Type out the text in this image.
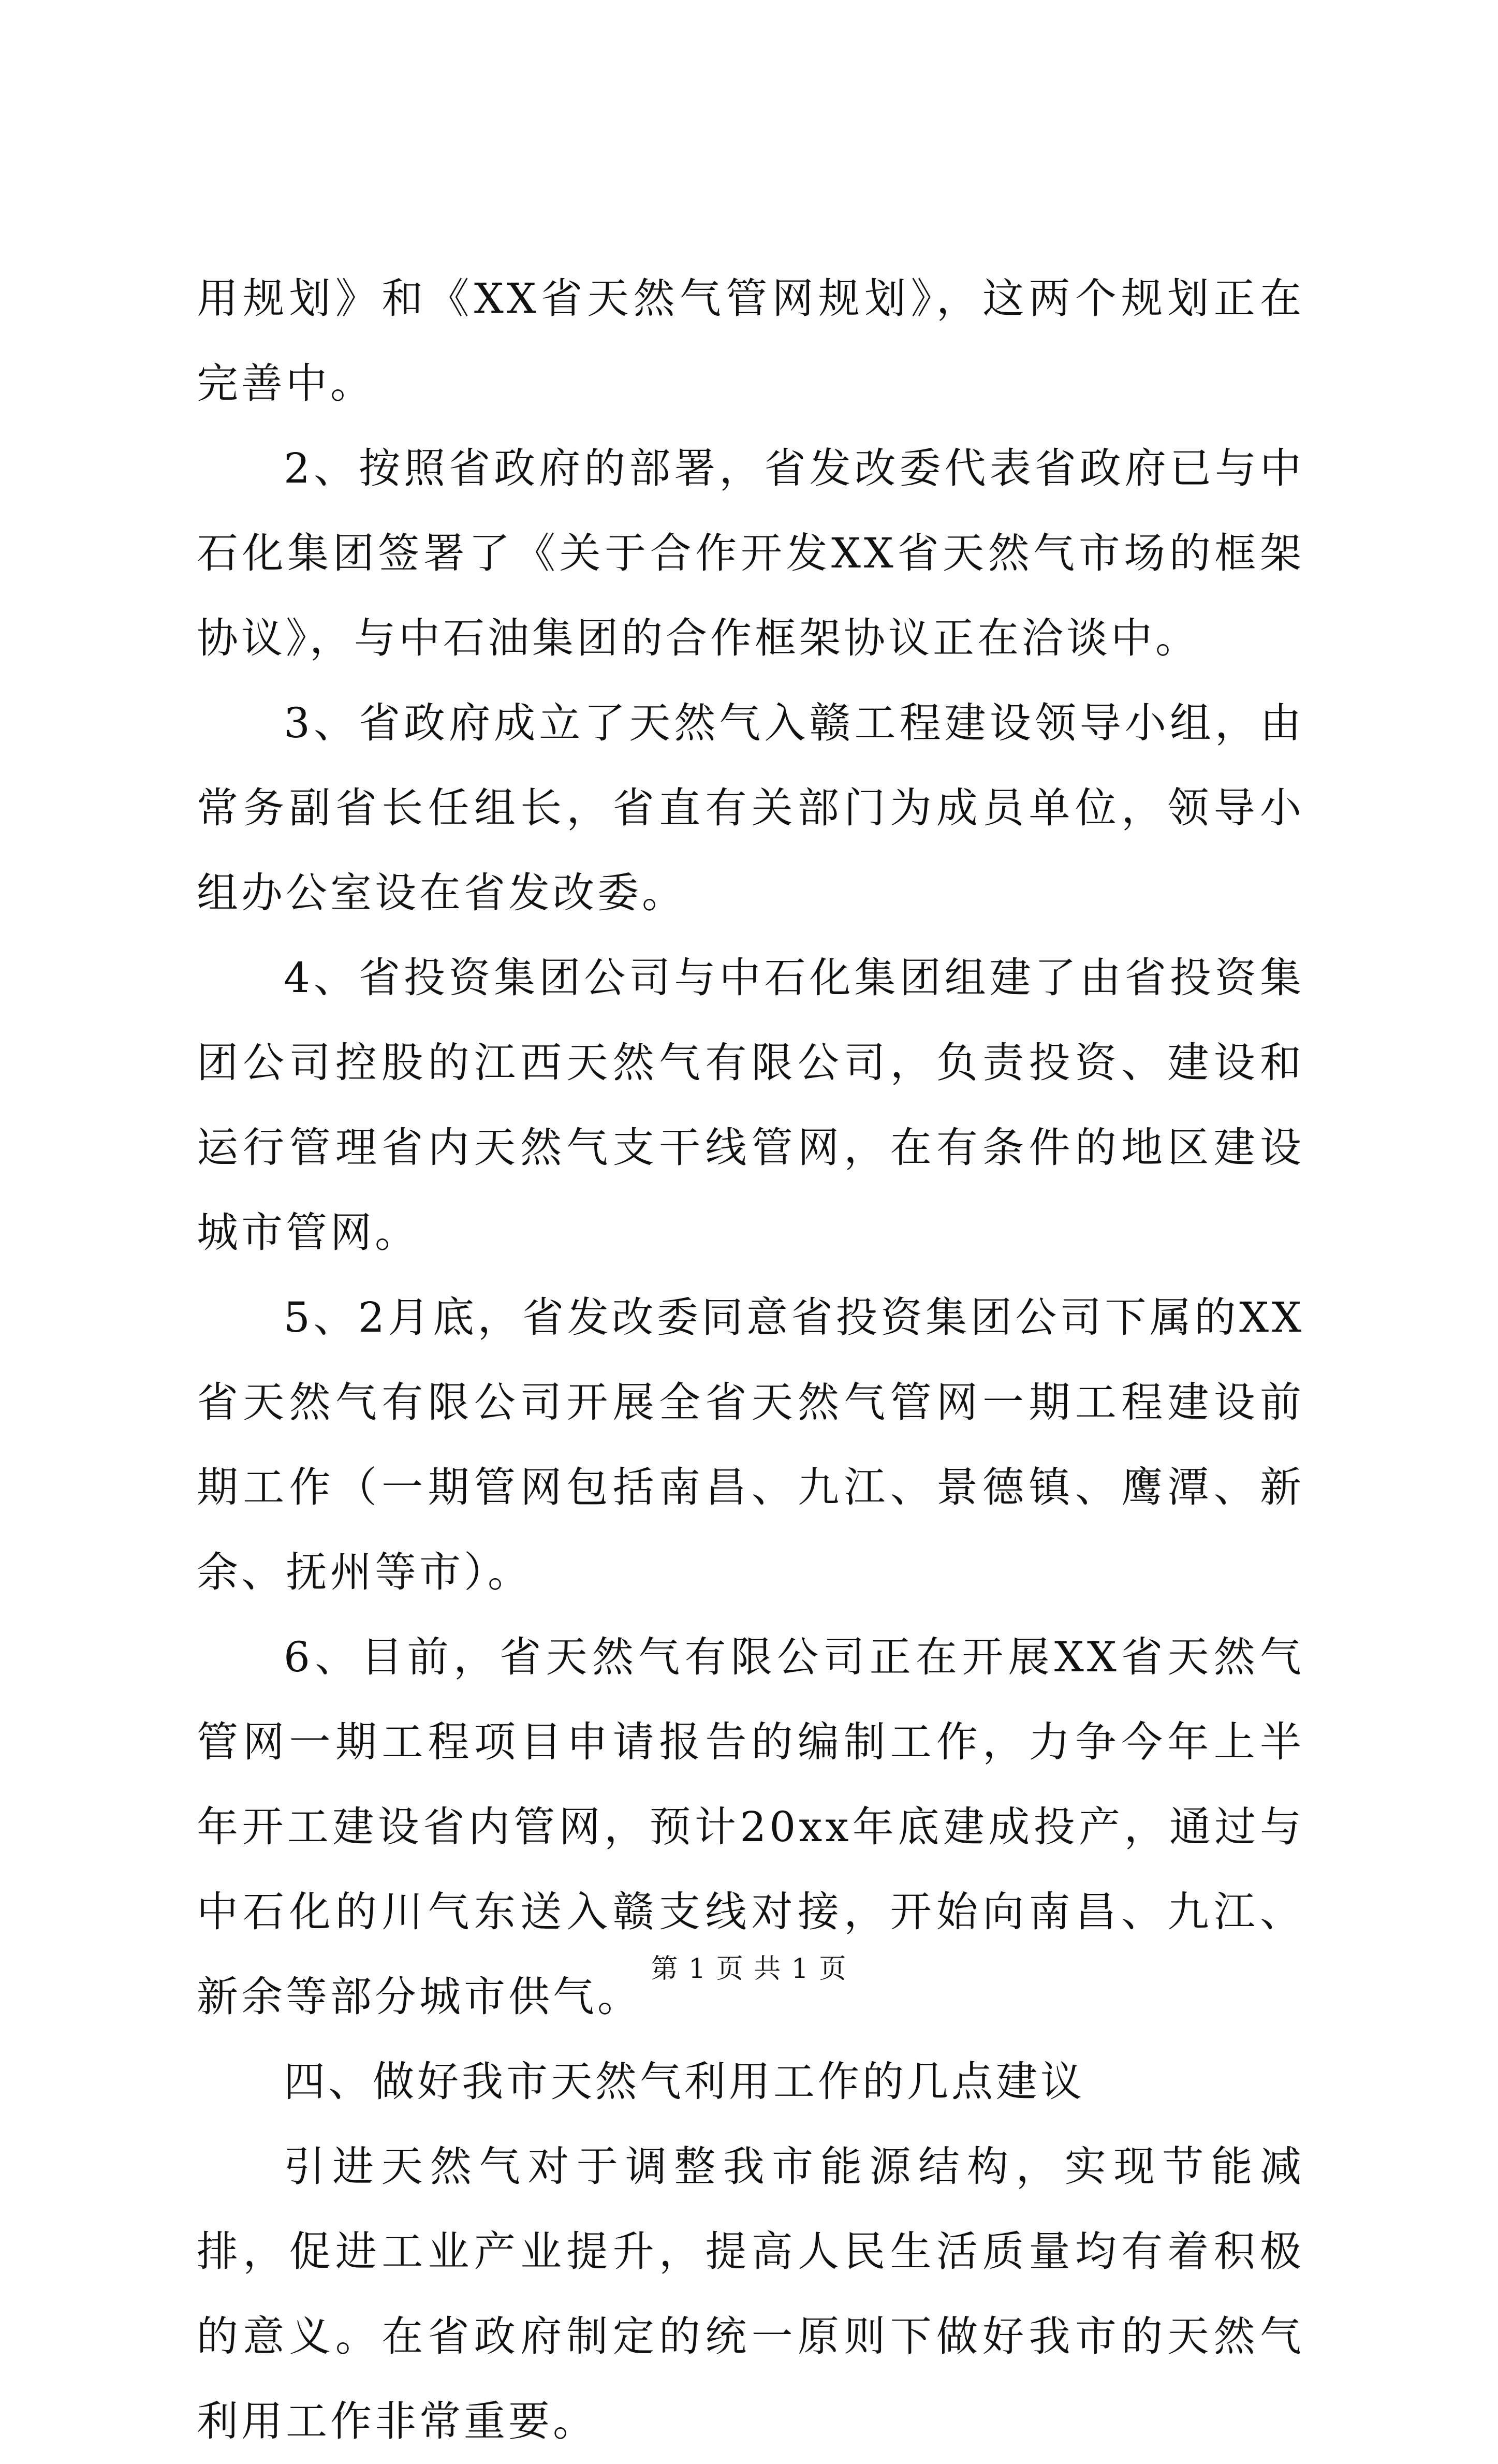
用规划》和《XX省天然气管网规划》，这两个规划正在完善中。

2、按照省政府的部署，省发改委代表省政府已与中石化集团签署了《关于合作开发XX省天然气市场的框架协议》，与中石油集团的合作框架协议正在洽谈中。

3、省政府成立了天然气入赣工程建设领导小组，由常务副省长任组长，省直有关部门为成员单位，领导小组办公室设在省发改委。

4、省投资集团公司与中石化集团组建了由省投资集团公司控股的江西天然气有限公司，负责投资、建设和运行管理省内天然气支干线管网，在有条件的地区建设城市管网。

5、2月底，省发改委同意省投资集团公司下属的XX省天然气有限公司开展全省天然气管网一期工程建设前期工作（一期管网包括南昌、九江、景德镇、鹰潭、新余、抚州等市）。

6、目前，省天然气有限公司正在开展XX省天然气管网一期工程项目申请报告的编制工作，力争今年上半年开工建设省内管网，预计20xx年底建成投产，通过与中石化的川气东送入赣支线对接，开始向南昌、九江、新余等部分城市供气。

四、做好我市天然气利用工作的几点建议

引进天然气对于调整我市能源结构，实现节能减排，促进工业产业提升，提高人民生活质量均有着积极的意义。在省政府制定的统一原则下做好我市的天然气利用工作非常重要。

第 1 页 共 1 页
